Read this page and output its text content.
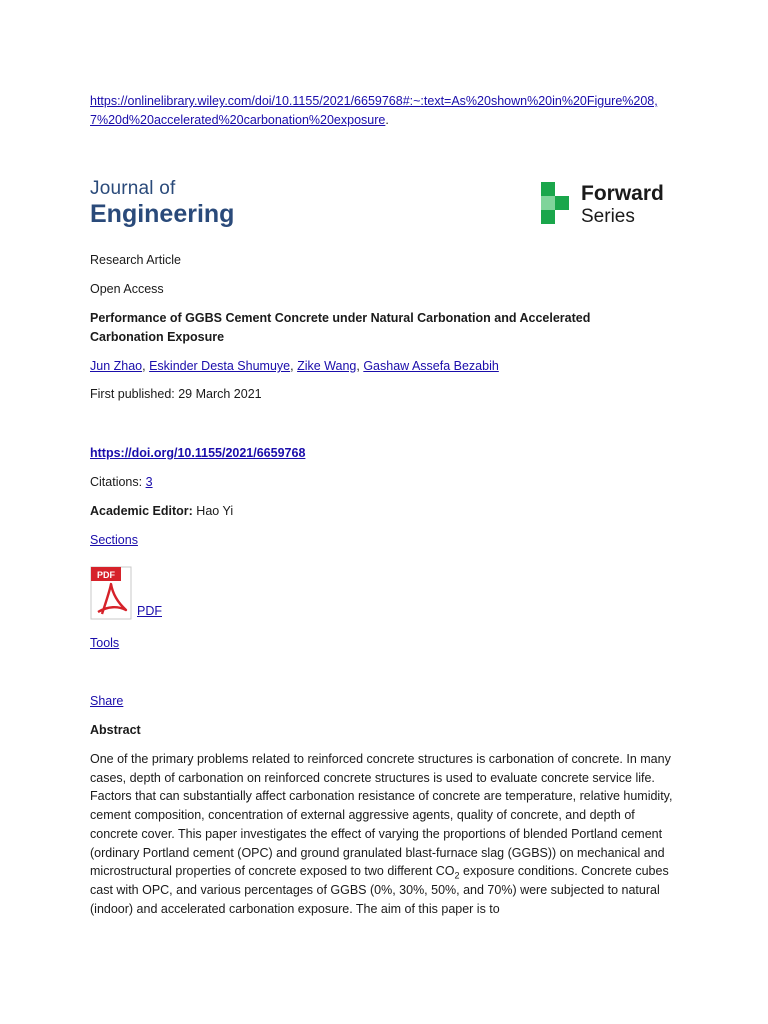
https://onlinelibrary.wiley.com/doi/10.1155/2021/6659768#:~:text=As%20shown%20in%20Figure%208,
7%20d%20accelerated%20carbonation%20exposure.
Journal of
Engineering
Forward
Series
Research Article
Open Access
Performance of GGBS Cement Concrete under Natural Carbonation and Accelerated Carbonation Exposure
Jun Zhao, Eskinder Desta Shumuye, Zike Wang, Gashaw Assefa Bezabih
First published: 29 March 2021
https://doi.org/10.1155/2021/6659768
Citations: 3
Academic Editor: Hao Yi
Sections
PDF
PDF
Tools
Share
Abstract
One of the primary problems related to reinforced concrete structures is carbonation of concrete. In many cases, depth of carbonation on reinforced concrete structures is used to evaluate concrete service life. Factors that can substantially affect carbonation resistance of concrete are temperature, relative humidity, cement composition, concentration of external aggressive agents, quality of concrete, and depth of concrete cover. This paper investigates the effect of varying the proportions of blended Portland cement (ordinary Portland cement (OPC) and ground granulated blast-furnace slag (GGBS)) on mechanical and microstructural properties of concrete exposed to two different $CO_2$ exposure conditions. Concrete cubes cast with OPC, and various percentages of GGBS (0%, 30%, 50%, and 70%) were subjected to natural (indoor) and accelerated carbonation exposure. The aim of this paper is to
